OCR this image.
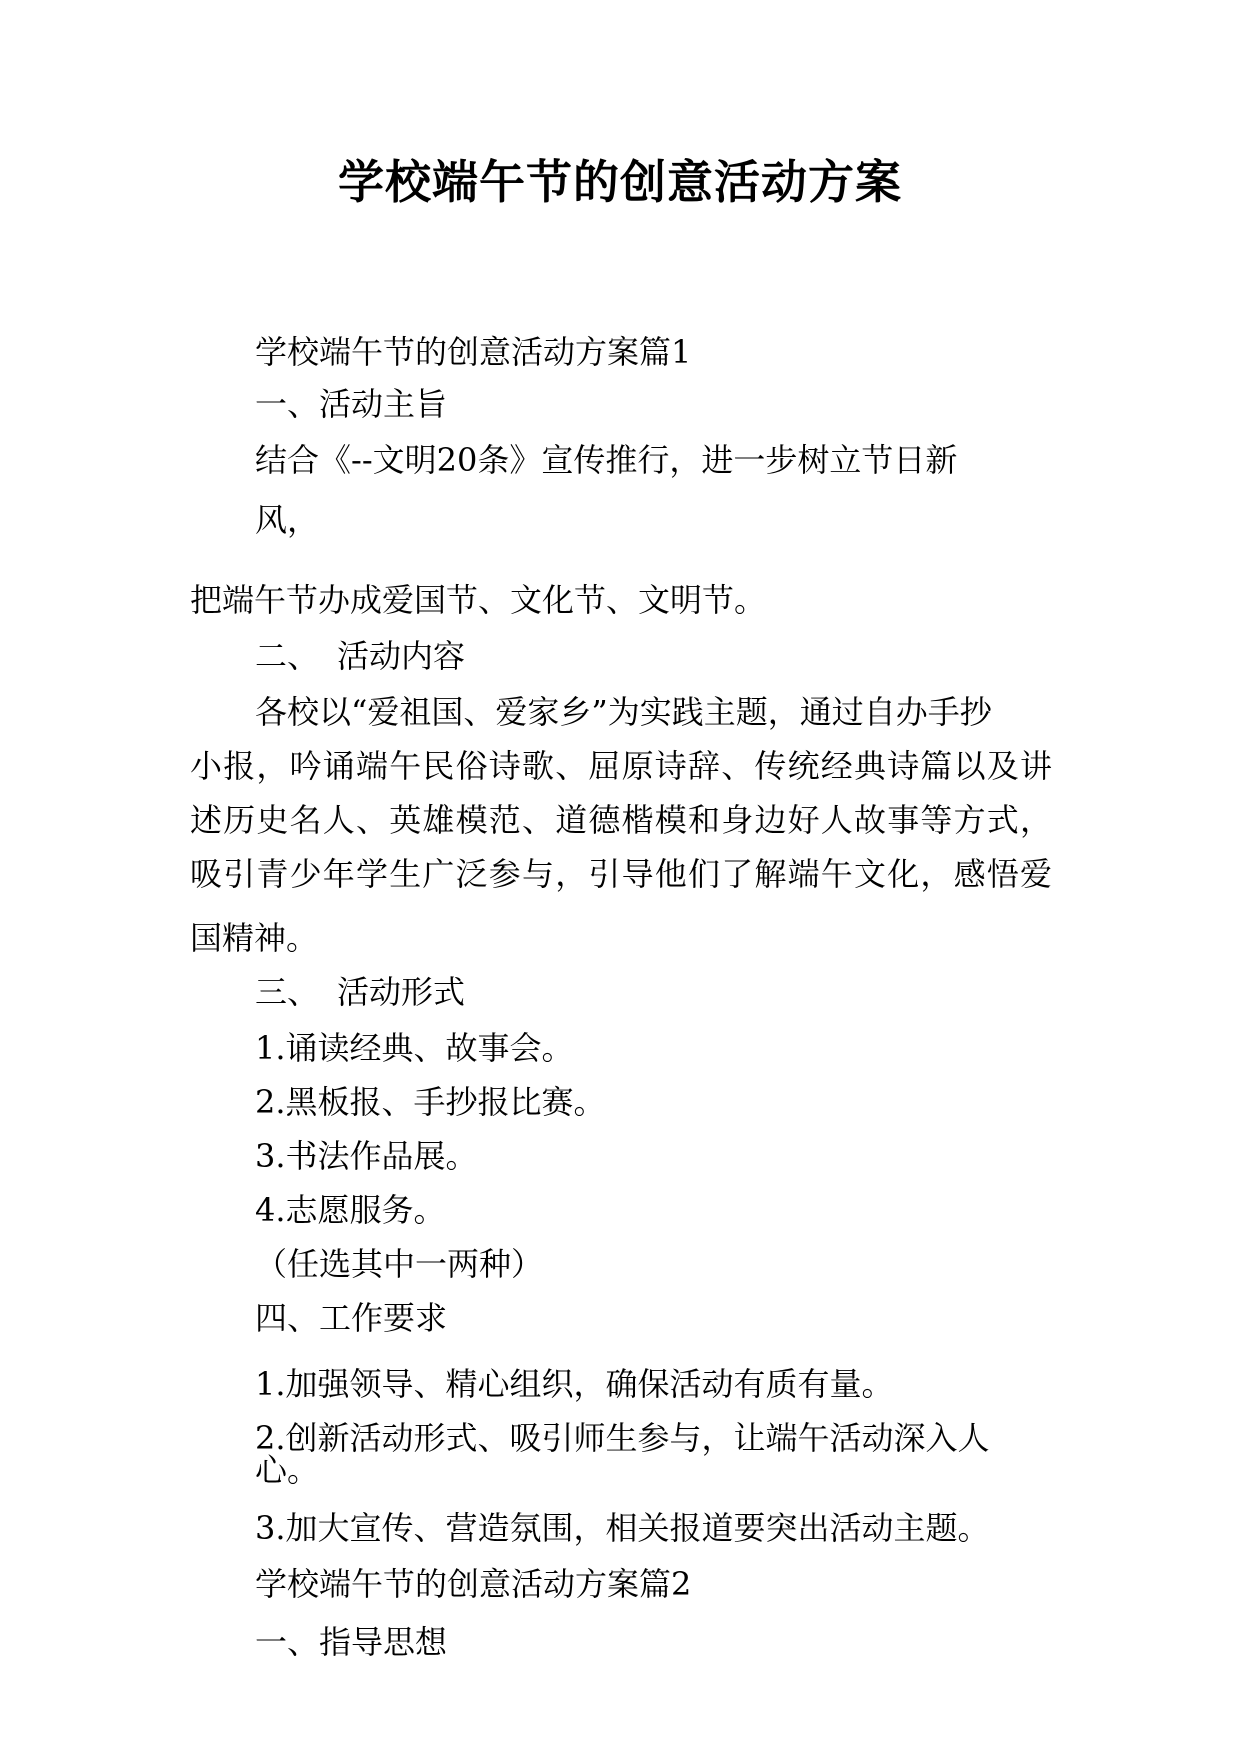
学校端午节的创意活动方案
学校端午节的创意活动方案篇1
一、活动主旨
结合《--文明20条》宣传推行，进一步树立节日新
风，
把端午节办成爱国节、文化节、文明节。
二、 活动内容
各校以“爱祖国、爱家乡”为实践主题，通过自办手抄
小报，吟诵端午民俗诗歌、屈原诗辞、传统经典诗篇以及讲
述历史名人、英雄模范、道德楷模和身边好人故事等方式，
吸引青少年学生广泛参与，引导他们了解端午文化，感悟爱
国精神。
三、 活动形式
1.诵读经典、故事会。
2.黑板报、手抄报比赛。
3.书法作品展。
4.志愿服务。
（任选其中一两种）
四、工作要求
1.加强领导、精心组织，确保活动有质有量。
2.创新活动形式、吸引师生参与，让端午活动深入人
心。
3.加大宣传、营造氛围，相关报道要突出活动主题。
学校端午节的创意活动方案篇2
一、指导思想
